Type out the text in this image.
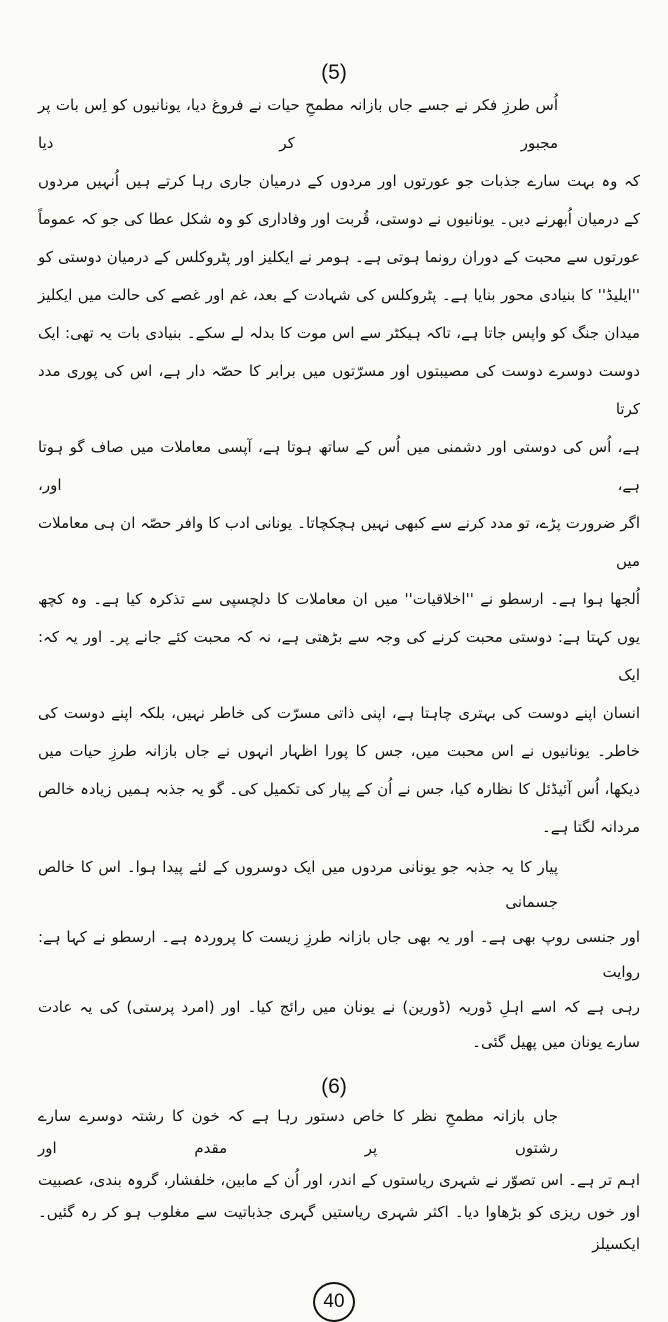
(5)
اُس طرزِ فکر نے جسے جاں بازانہ مطمحِ حیات نے فروغ دیا، یونانیوں کو اِس بات پر مجبور کر دیا
کہ وہ بہت سارے جذبات جو عورتوں اور مردوں کے درمیان جاری رہا کرتے ہیں اُنہیں مردوں
کے درمیان اُبھرنے دیں۔ یونانیوں نے دوستی، قُربت اور وفاداری کو وہ شکل عطا کی جو کہ عموماً
عورتوں سے محبت کے دوران رونما ہوتی ہے۔ ہومر نے ایکلیز اور پٹروکلس کے درمیان دوستی کو
''ایلیڈ'' کا بنیادی محور بنایا ہے۔ پٹروکلس کی شہادت کے بعد، غم اور غصے کی حالت میں ایکلیز
میدان جنگ کو واپس جاتا ہے، تاکہ ہیکٹر سے اس موت کا بدلہ لے سکے۔ بنیادی بات یہ تھی: ایک
دوست دوسرے دوست کی مصیبتوں اور مسرّتوں میں برابر کا حصّہ دار ہے، اس کی پوری مدد کرتا
ہے، اُس کی دوستی اور دشمنی میں اُس کے ساتھ ہوتا ہے، آپسی معاملات میں صاف گو ہوتا ہے، اور،
اگر ضرورت پڑے، تو مدد کرنے سے کبھی نہیں ہچکچاتا۔ یونانی ادب کا وافر حصّہ ان ہی معاملات میں
اُلجھا ہوا ہے۔ ارسطو نے ''اخلاقیات'' میں ان معاملات کا دلچسپی سے تذکرہ کیا ہے۔ وہ کچھ
یوں کہتا ہے: دوستی محبت کرنے کی وجہ سے بڑھتی ہے، نہ کہ محبت کئے جانے پر۔ اور یہ کہ: ایک
انسان اپنے دوست کی بہتری چاہتا ہے، اپنی ذاتی مسرّت کی خاطر نہیں، بلکہ اپنے دوست کی
خاطر۔ یونانیوں نے اس محبت میں، جس کا پورا اظہار انہوں نے جاں بازانہ طرزِ حیات میں
دیکھا، اُس آئیڈئل کا نظارہ کیا، جس نے اُن کے پیار کی تکمیل کی۔ گو یہ جذبہ ہمیں زیادہ خالص
مردانہ لگتا ہے۔
پیار کا یہ جذبہ جو یونانی مردوں میں ایک دوسروں کے لئے پیدا ہوا۔ اس کا خالص جسمانی
اور جنسی روپ بھی ہے۔ اور یہ بھی جاں بازانہ طرزِ زیست کا پروردہ ہے۔ ارسطو نے کہا ہے: روایت
رہی ہے کہ اسے اہلِ ڈوریہ (ڈورین) نے یونان میں رائج کیا۔ اور (امرد پرستی) کی یہ عادت
سارے یونان میں پھیل گئی۔
(6)
جاں بازانہ مطمحِ نظر کا خاص دستور رہا ہے کہ خون کا رشتہ دوسرے سارے رشتوں پر مقدم اور
اہم تر ہے۔ اس تصوّر نے شہری ریاستوں کے اندر، اور اُن کے مابین، خلفشار، گروہ بندی، عصبیت
اور خوں ریزی کو بڑھاوا دیا۔ اکثر شہری ریاستیں گہری جذباتیت سے مغلوب ہو کر رہ گئیں۔ ایکسیلز
40
